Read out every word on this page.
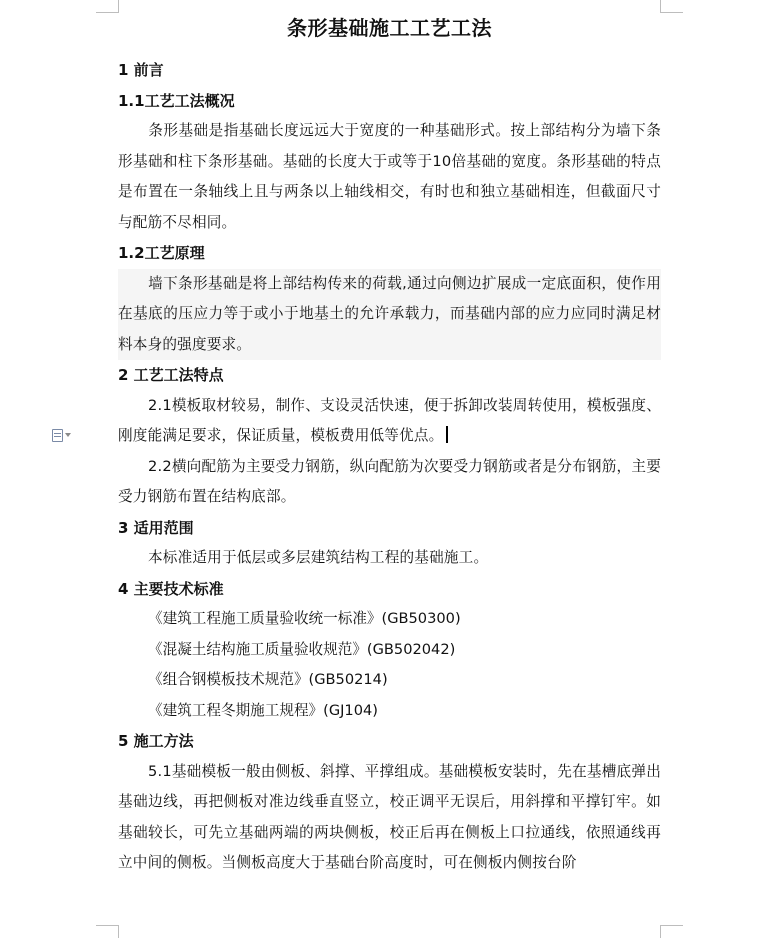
条形基础施工工艺工法
1 前言
1.1工艺工法概况
条形基础是指基础长度远远大于宽度的一种基础形式。按上部结构分为墙下条形基础和柱下条形基础。基础的长度大于或等于10倍基础的宽度。条形基础的特点是布置在一条轴线上且与两条以上轴线相交，有时也和独立基础相连，但截面尺寸与配筋不尽相同。
1.2工艺原理
墙下条形基础是将上部结构传来的荷载,通过向侧边扩展成一定底面积，使作用在基底的压应力等于或小于地基土的允许承载力，而基础内部的应力应同时满足材料本身的强度要求。
2 工艺工法特点
2.1模板取材较易，制作、支设灵活快速，便于拆卸改装周转使用，模板强度、刚度能满足要求，保证质量，模板费用低等优点。
2.2横向配筋为主要受力钢筋，纵向配筋为次要受力钢筋或者是分布钢筋，主要受力钢筋布置在结构底部。
3 适用范围
本标准适用于低层或多层建筑结构工程的基础施工。
4 主要技术标准
《建筑工程施工质量验收统一标准》(GB50300)
《混凝土结构施工质量验收规范》(GB502042)
《组合钢模板技术规范》(GB50214)
《建筑工程冬期施工规程》(GJ104)
5 施工方法
5.1基础模板一般由侧板、斜撑、平撑组成。基础模板安装时，先在基槽底弹出基础边线，再把侧板对准边线垂直竖立，校正调平无误后，用斜撑和平撑钉牢。如基础较长，可先立基础两端的两块侧板，校正后再在侧板上口拉通线，依照通线再立中间的侧板。当侧板高度大于基础台阶高度时，可在侧板内侧按台阶
